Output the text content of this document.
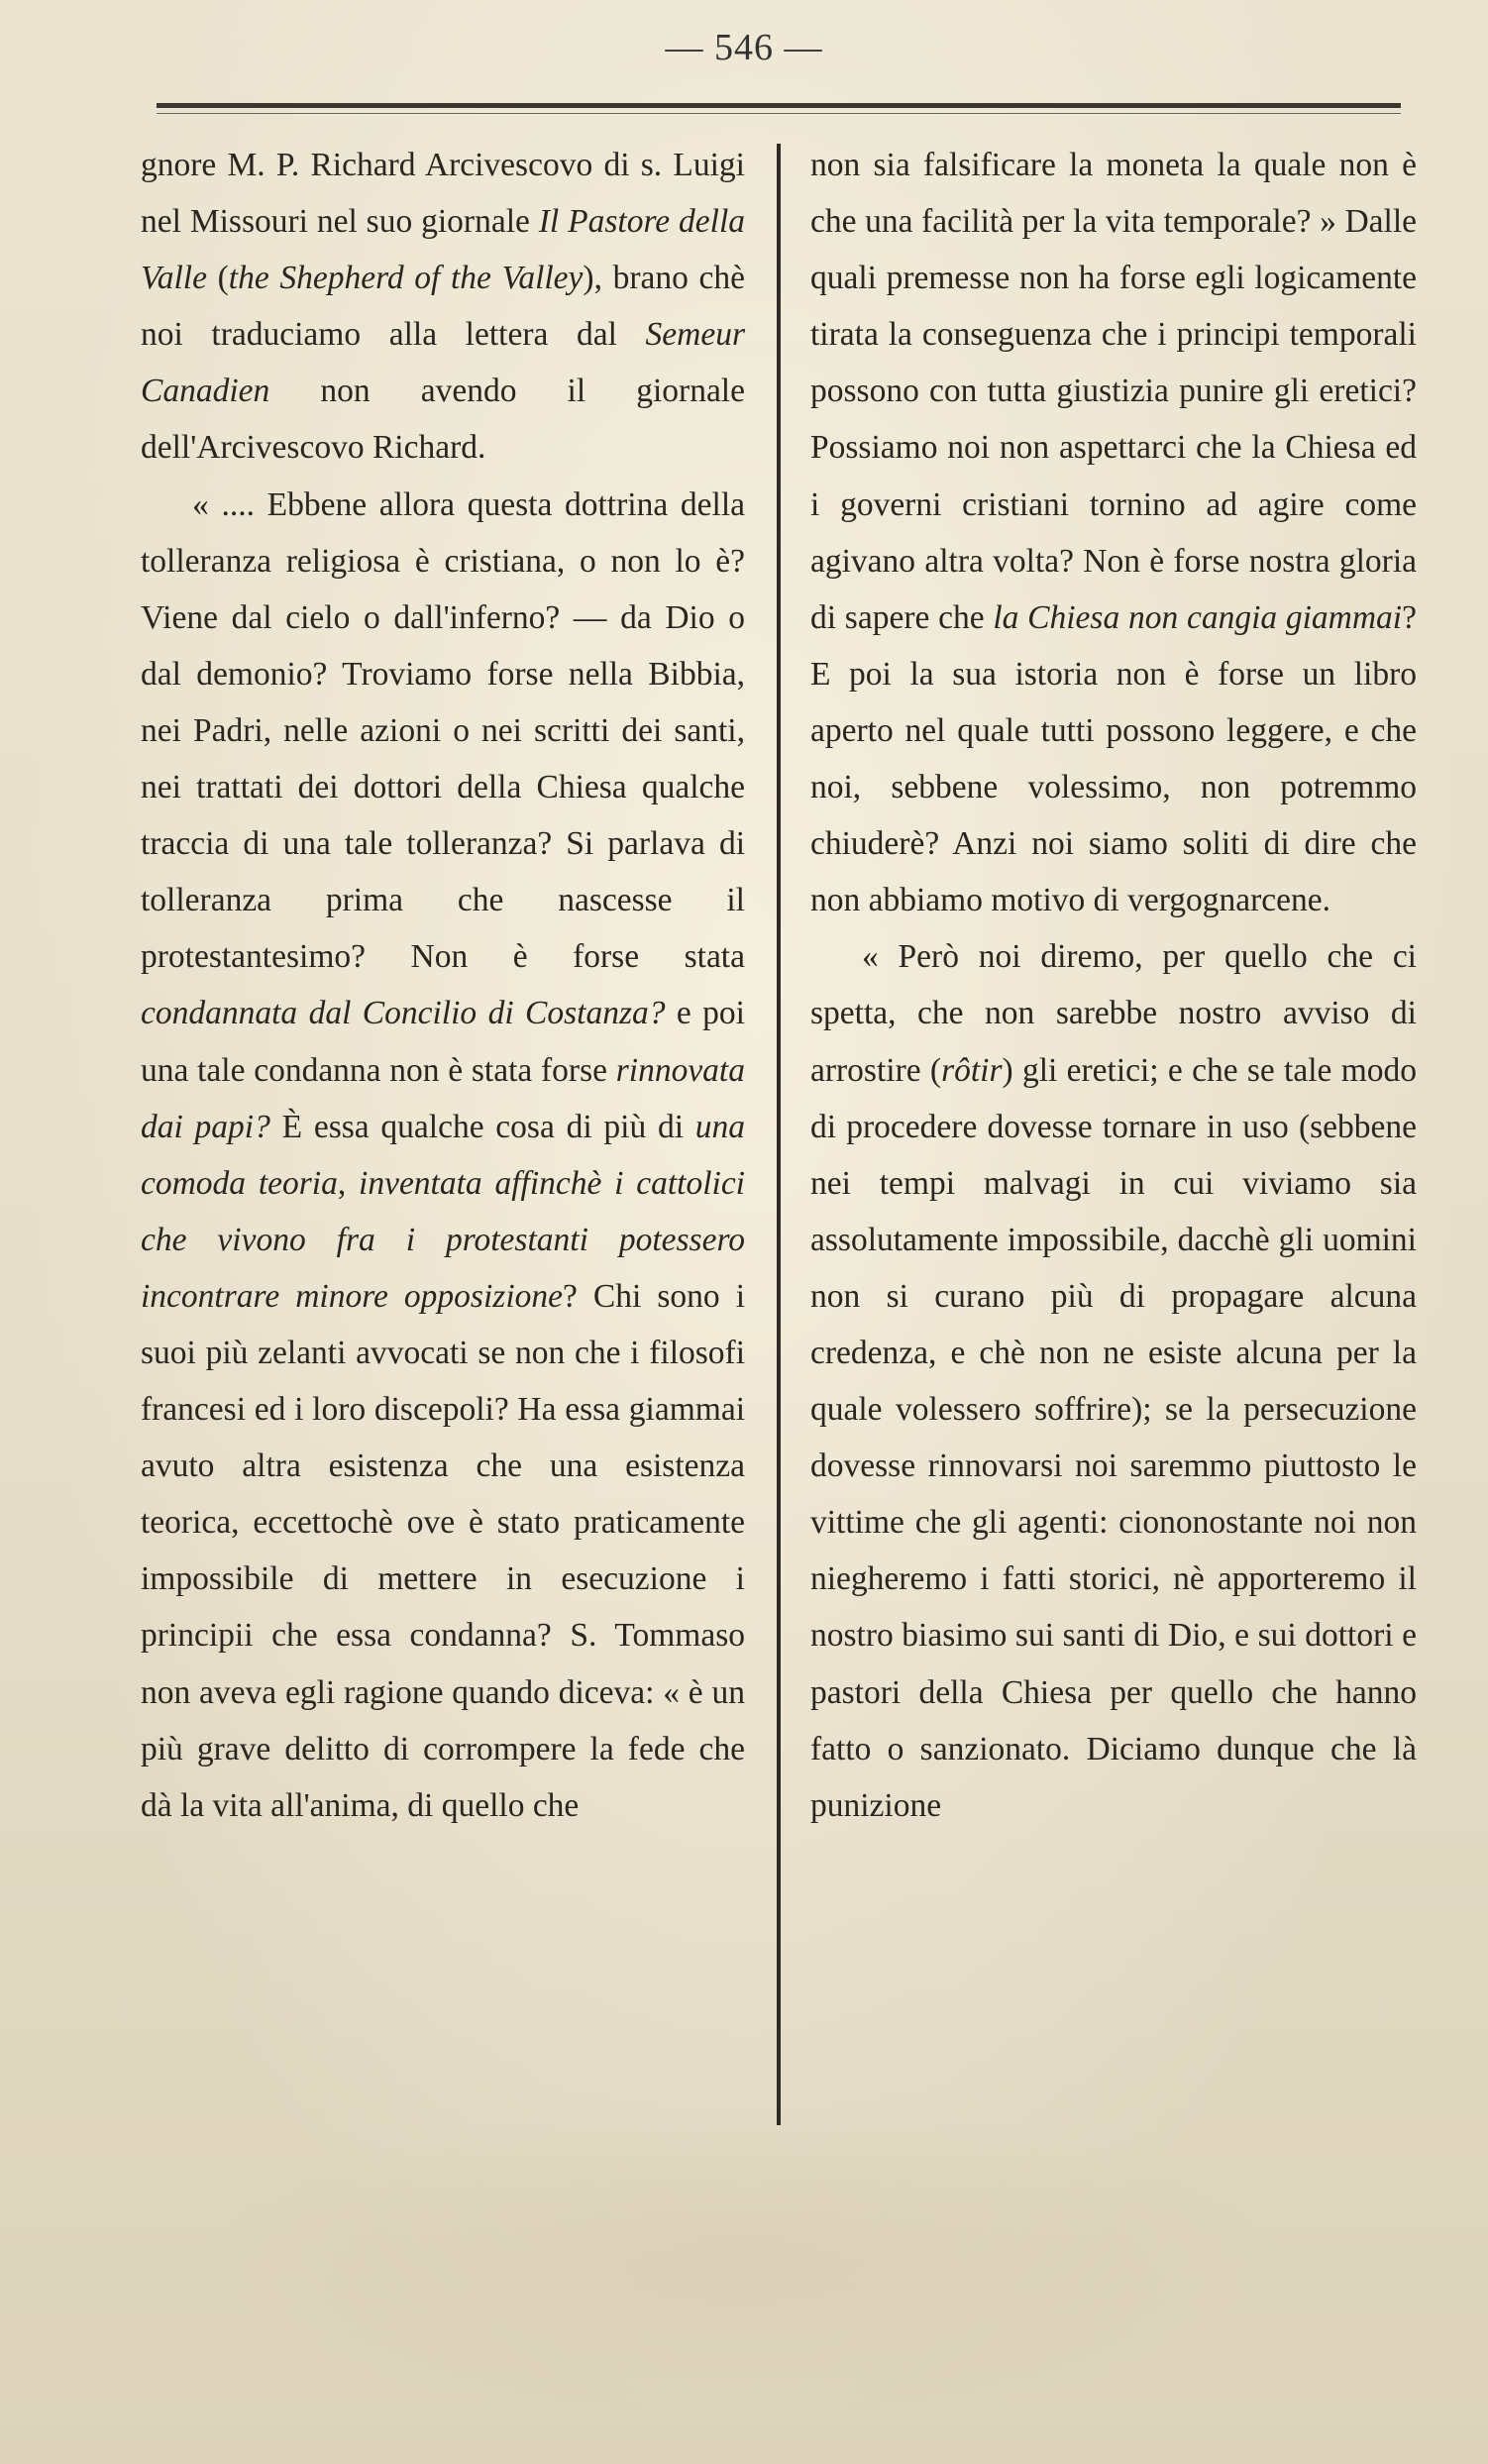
— 546 —

gnore M. P. Richard Arcivescovo di s. Luigi nel Missouri nel suo giornale Il Pastore della Valle (the Shepherd of the Valley), brano chè noi traduciamo alla lettera dal Semeur Canadien non avendo il giornale dell'Arcivescovo Richard.

« .... Ebbene allora questa dottrina della tolleranza religiosa è cristiana, o non lo è? Viene dal cielo o dall'inferno? — da Dio o dal demonio? Troviamo forse nella Bibbia, nei Padri, nelle azioni o nei scritti dei santi, nei trattati dei dottori della Chiesa qualche traccia di una tale tolleranza? Si parlava di tolleranza prima che nascesse il protestantesimo? Non è forse stata condannata dal Concilio di Costanza? e poi una tale condanna non è stata forse rinnovata dai papi? È essa qualche cosa di più di una comoda teoria, inventata affinchè i cattolici che vivono fra i protestanti potessero incontrare minore opposizione? Chi sono i suoi più zelanti avvocati se non che i filosofi francesi ed i loro discepoli? Ha essa giammai avuto altra esistenza che una esistenza teorica, eccettochè ove è stato praticamente impossibile di mettere in esecuzione i principii che essa condanna? S. Tommaso non aveva egli ragione quando diceva: « è un più grave delitto di corrompere la fede che dà la vita all'anima, di quello che

non sia falsificare la moneta la quale non è che una facilità per la vita temporale? » Dalle quali premesse non ha forse egli logicamente tirata la conseguenza che i principi temporali possono con tutta giustizia punire gli eretici? Possiamo noi non aspettarci che la Chiesa ed i governi cristiani tornino ad agire come agivano altra volta? Non è forse nostra gloria di sapere che la Chiesa non cangia giammai? E poi la sua istoria non è forse un libro aperto nel quale tutti possono leggere, e che noi, sebbene volessimo, non potremmo chiuderè? Anzi noi siamo soliti di dire che non abbiamo motivo di vergognarcene.

« Però noi diremo, per quello che ci spetta, che non sarebbe nostro avviso di arrostire (rôtir) gli eretici; e che se tale modo di procedere dovesse tornare in uso (sebbene nei tempi malvagi in cui viviamo sia assolutamente impossibile, dacchè gli uomini non si curano più di propagare alcuna credenza, e chè non ne esiste alcuna per la quale volessero soffrire); se la persecuzione dovesse rinnovarsi noi saremmo piuttosto le vittime che gli agenti: ciononostante noi non niegheremo i fatti storici, nè apporteremo il nostro biasimo sui santi di Dio, e sui dottori e pastori della Chiesa per quello che hanno fatto o sanzionato. Diciamo dunque che là punizione
